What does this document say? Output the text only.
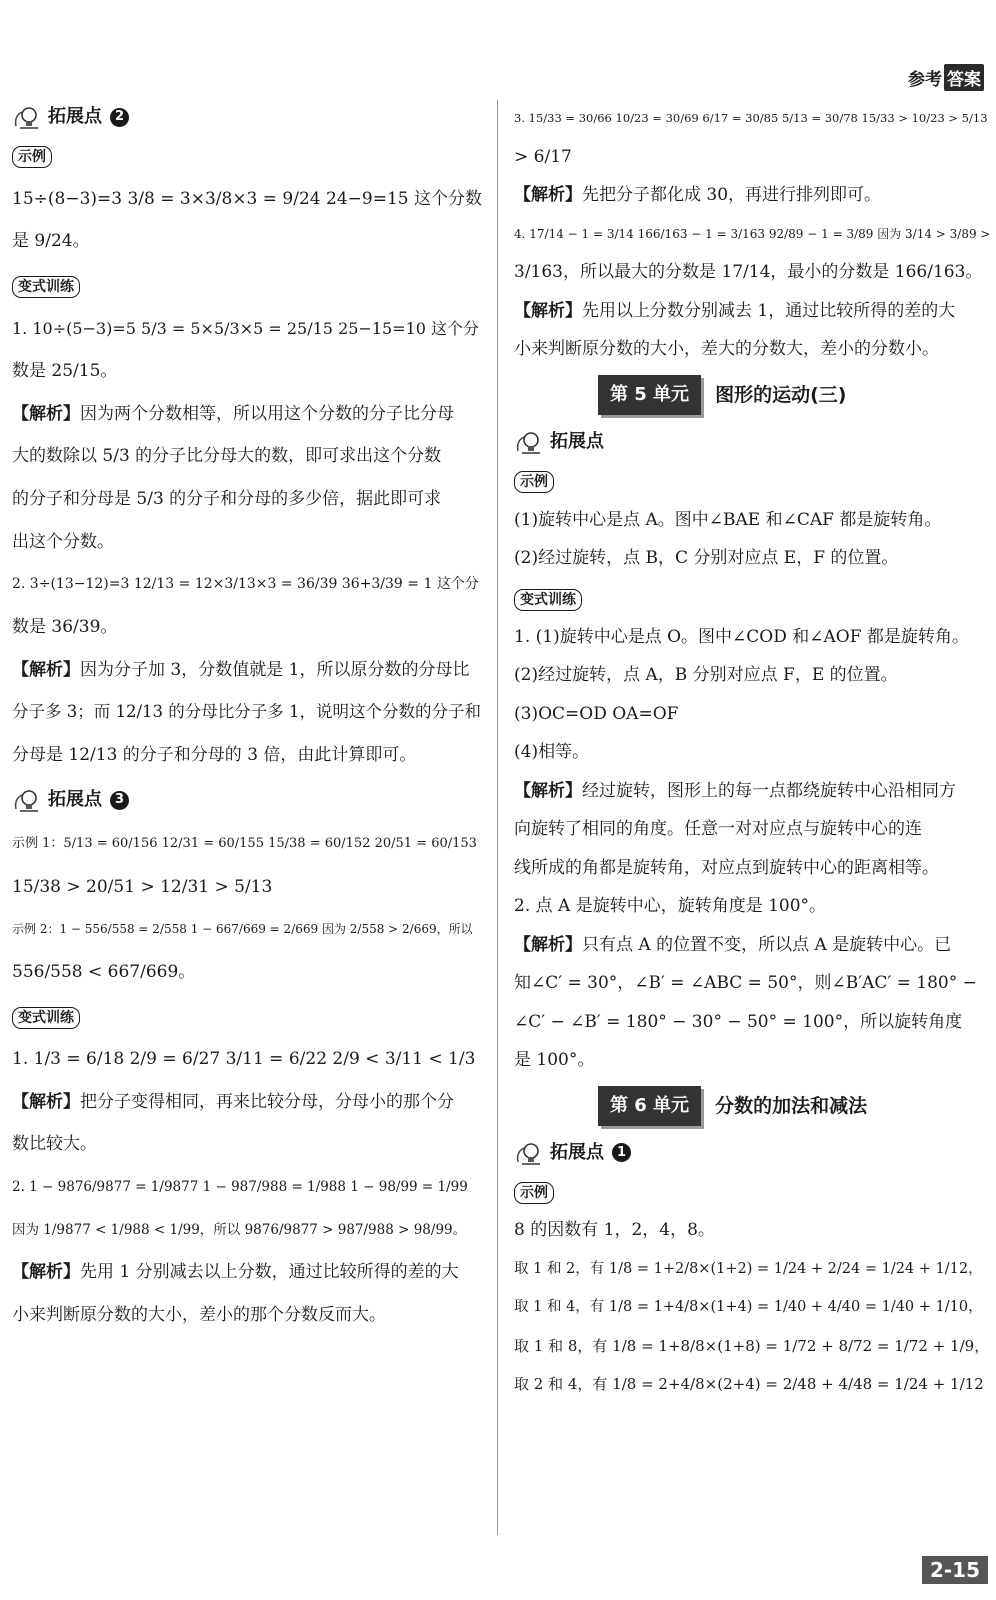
参考 答案
拓展点 2
示例
15÷(8−3)=3 3/8 = 3×3/8×3 = 9/24 24−9=15 这个分数
是 9/24。
变式训练
1. 10÷(5−3)=5 5/3 = 5×5/3×5 = 25/15 25−15=10 这个分
数是 25/15。
【解析】因为两个分数相等，所以用这个分数的分子比分母
大的数除以 5/3 的分子比分母大的数，即可求出这个分数
的分子和分母是 5/3 的分子和分母的多少倍，据此即可求
出这个分数。
2. 3÷(13−12)=3 12/13 = 12×3/13×3 = 36/39 36+3/39 = 1 这个分
数是 36/39。
【解析】因为分子加 3，分数值就是 1，所以原分数的分母比
分子多 3；而 12/13 的分母比分子多 1，说明这个分数的分子和
分母是 12/13 的分子和分母的 3 倍，由此计算即可。
拓展点 3
示例 1：5/13 = 60/156 12/31 = 60/155 15/38 = 60/152 20/51 = 60/153
15/38 > 20/51 > 12/31 > 5/13
示例 2：1 − 556/558 = 2/558 1 − 667/669 = 2/669 因为 2/558 > 2/669，所以
556/558 < 667/669。
变式训练
1. 1/3 = 6/18 2/9 = 6/27 3/11 = 6/22 2/9 < 3/11 < 1/3
【解析】把分子变得相同，再来比较分母，分母小的那个分
数比较大。
2. 1 − 9876/9877 = 1/9877 1 − 987/988 = 1/988 1 − 98/99 = 1/99
因为 1/9877 < 1/988 < 1/99，所以 9876/9877 > 987/988 > 98/99。
【解析】先用 1 分别减去以上分数，通过比较所得的差的大
小来判断原分数的大小，差小的那个分数反而大。
3. 15/33 = 30/66 10/23 = 30/69 6/17 = 30/85 5/13 = 30/78 15/33 > 10/23 > 5/13
> 6/17
【解析】先把分子都化成 30，再进行排列即可。
4. 17/14 − 1 = 3/14 166/163 − 1 = 3/163 92/89 − 1 = 3/89 因为 3/14 > 3/89 >
3/163，所以最大的分数是 17/14，最小的分数是 166/163。
【解析】先用以上分数分别减去 1，通过比较所得的差的大
小来判断原分数的大小，差大的分数大，差小的分数小。
第 5 单元	图形的运动(三)
拓展点
示例
(1)旋转中心是点 A。图中∠BAE 和∠CAF 都是旋转角。
(2)经过旋转，点 B，C 分别对应点 E，F 的位置。
变式训练
1. (1)旋转中心是点 O。图中∠COD 和∠AOF 都是旋转角。
(2)经过旋转，点 A，B 分别对应点 F，E 的位置。
(3)OC=OD OA=OF
(4)相等。
【解析】经过旋转，图形上的每一点都绕旋转中心沿相同方
向旋转了相同的角度。任意一对对应点与旋转中心的连
线所成的角都是旋转角，对应点到旋转中心的距离相等。
2. 点 A 是旋转中心，旋转角度是 100°。
【解析】只有点 A 的位置不变，所以点 A 是旋转中心。已
知∠C′ = 30°，∠B′ = ∠ABC = 50°，则∠B′AC′ = 180° −
∠C′ − ∠B′ = 180° − 30° − 50° = 100°，所以旋转角度
是 100°。
第 6 单元	分数的加法和减法
拓展点 1
示例
8 的因数有 1，2，4，8。
取 1 和 2，有 1/8 = 1+2/8×(1+2) = 1/24 + 2/24 = 1/24 + 1/12，
取 1 和 4，有 1/8 = 1+4/8×(1+4) = 1/40 + 4/40 = 1/40 + 1/10，
取 1 和 8，有 1/8 = 1+8/8×(1+8) = 1/72 + 8/72 = 1/72 + 1/9，
取 2 和 4，有 1/8 = 2+4/8×(2+4) = 2/48 + 4/48 = 1/24 + 1/12
2-15
